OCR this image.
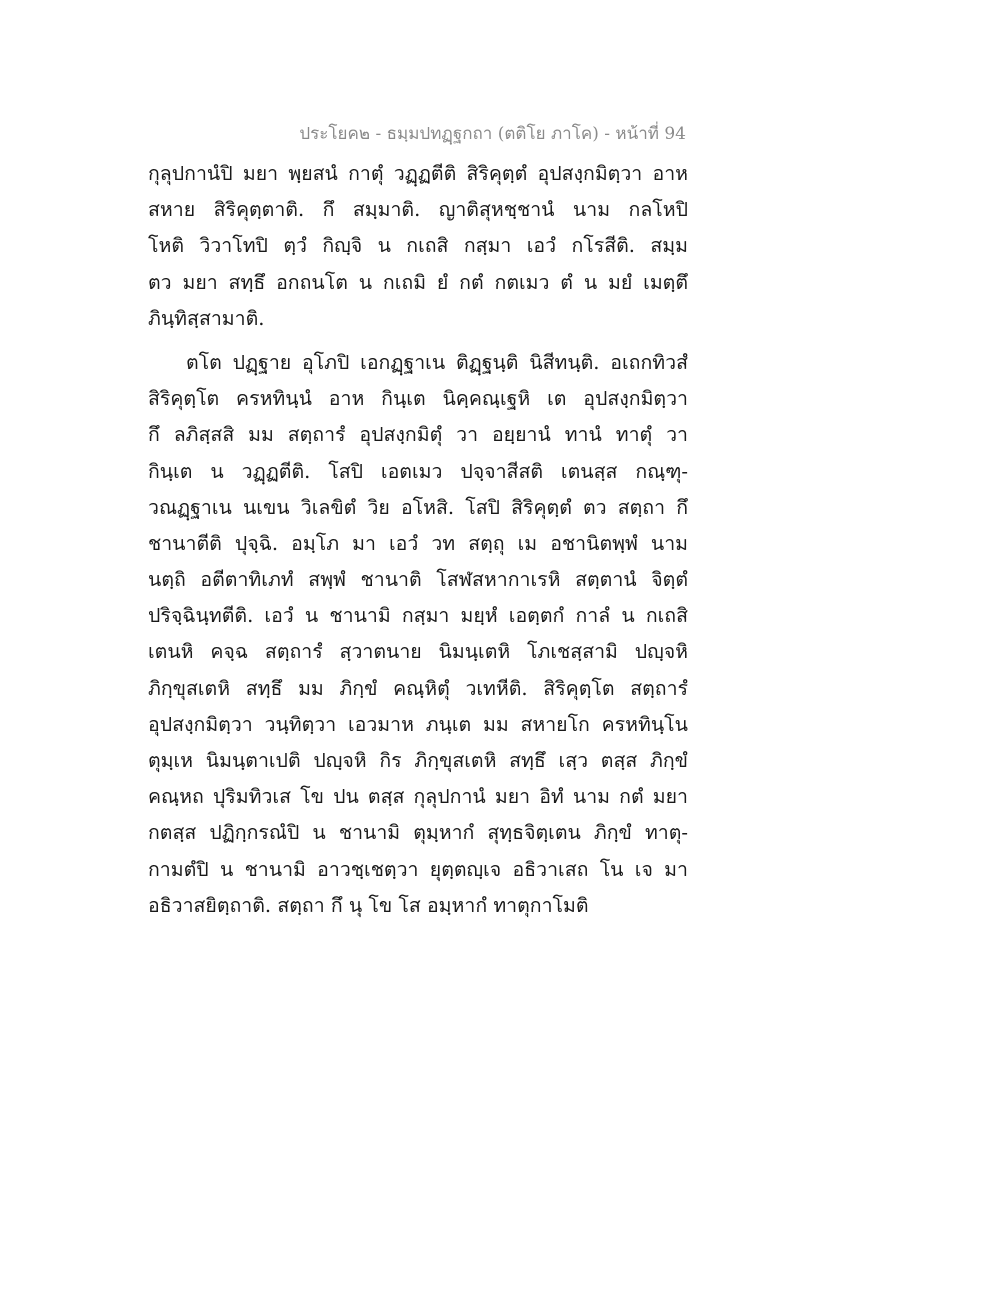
ประโยค๒ - ธมฺมปทฏฺฐกถา (ตติโย ภาโค) - หน้าที่ 94
กุลุปกานํปิ มยา พฺยสนํ กาตุํ วฏฺฏตีติ สิริคุตฺตํ อุปสงฺกมิตฺวา อาห
สหาย สิริคุตฺตาติ. กึ สมฺมาติ. ญาติสุหชฺชานํ นาม กลโหปิ
โหติ วิวาโทปิ ตฺวํ กิญฺจิ น กเถสิ กสฺมา เอวํ กโรสีติ. สมฺม
ตว มยา สทฺธึ อกถนโต น กเถมิ ยํ กตํ กตเมว ตํ น มยํ เมตฺตึ
ภินฺทิสฺสามาติ.
ตโต ปฏฺฐาย อุโภปิ เอกฏฺฐาเน ติฏฺฐนฺติ นิสีทนฺติ. อเถกทิวสํ
สิริคุตฺโต ครหทินฺนํ อาห กินฺเต นิคฺคณฺเฐหิ เต อุปสงฺกมิตฺวา
กึ ลภิสฺสสิ มม สตฺถารํ อุปสงฺกมิตุํ วา อยฺยานํ ทานํ ทาตุํ วา
กินฺเต น วฏฺฏตีติ. โสปิ เอตเมว ปจฺจาสีสติ เตนสฺส กณฺฑุ-
วณฏฺฐาเน นเขน วิเลขิตํ วิย อโหสิ. โสปิ สิริคุตฺตํ ตว สตฺถา กึ
ชานาตีติ ปุจฺฉิ. อมฺโภ มา เอวํ วท สตฺถุ เม อชานิตพฺพํ นาม
นตฺถิ อตีตาทิเภทํ สพฺพํ ชานาติ โสฬสหากาเรหิ สตฺตานํ จิตฺตํ
ปริจฺฉินฺทตีติ. เอวํ น ชานามิ กสฺมา มยฺหํ เอตฺตกํ กาลํ น กเถสิ
เตนหิ คจฺฉ สตฺถารํ สฺวาตนาย นิมนฺเตหิ โภเชสฺสามิ ปญฺจหิ
ภิกฺขุสเตหิ สทฺธึ มม ภิกฺขํ คณฺหิตุํ วเทหีติ. สิริคุตฺโต สตฺถารํ
อุปสงฺกมิตฺวา วนฺทิตฺวา เอวมาห ภนฺเต มม สหายโก ครหทินฺโน
ตุมฺเห นิมนฺตาเปติ ปญฺจหิ กิร ภิกฺขุสเตหิ สทฺธึ เสฺว ตสฺส ภิกฺขํ
คณฺหถ ปุริมทิวเส โข ปน ตสฺส กุลุปกานํ มยา อิทํ นาม กตํ มยา
กตสฺส ปฏิกฺกรณํปิ น ชานามิ ตุมฺหากํ สุทฺธจิตฺเตน ภิกฺขํ ทาตุ-
กามตํปิ น ชานามิ อาวชฺเชตฺวา ยุตฺตญฺเจ อธิวาเสถ โน เจ มา
อธิวาสยิตฺถาติ. สตฺถา กึ นุ โข โส อมฺหากํ ทาตุกาโมติ
